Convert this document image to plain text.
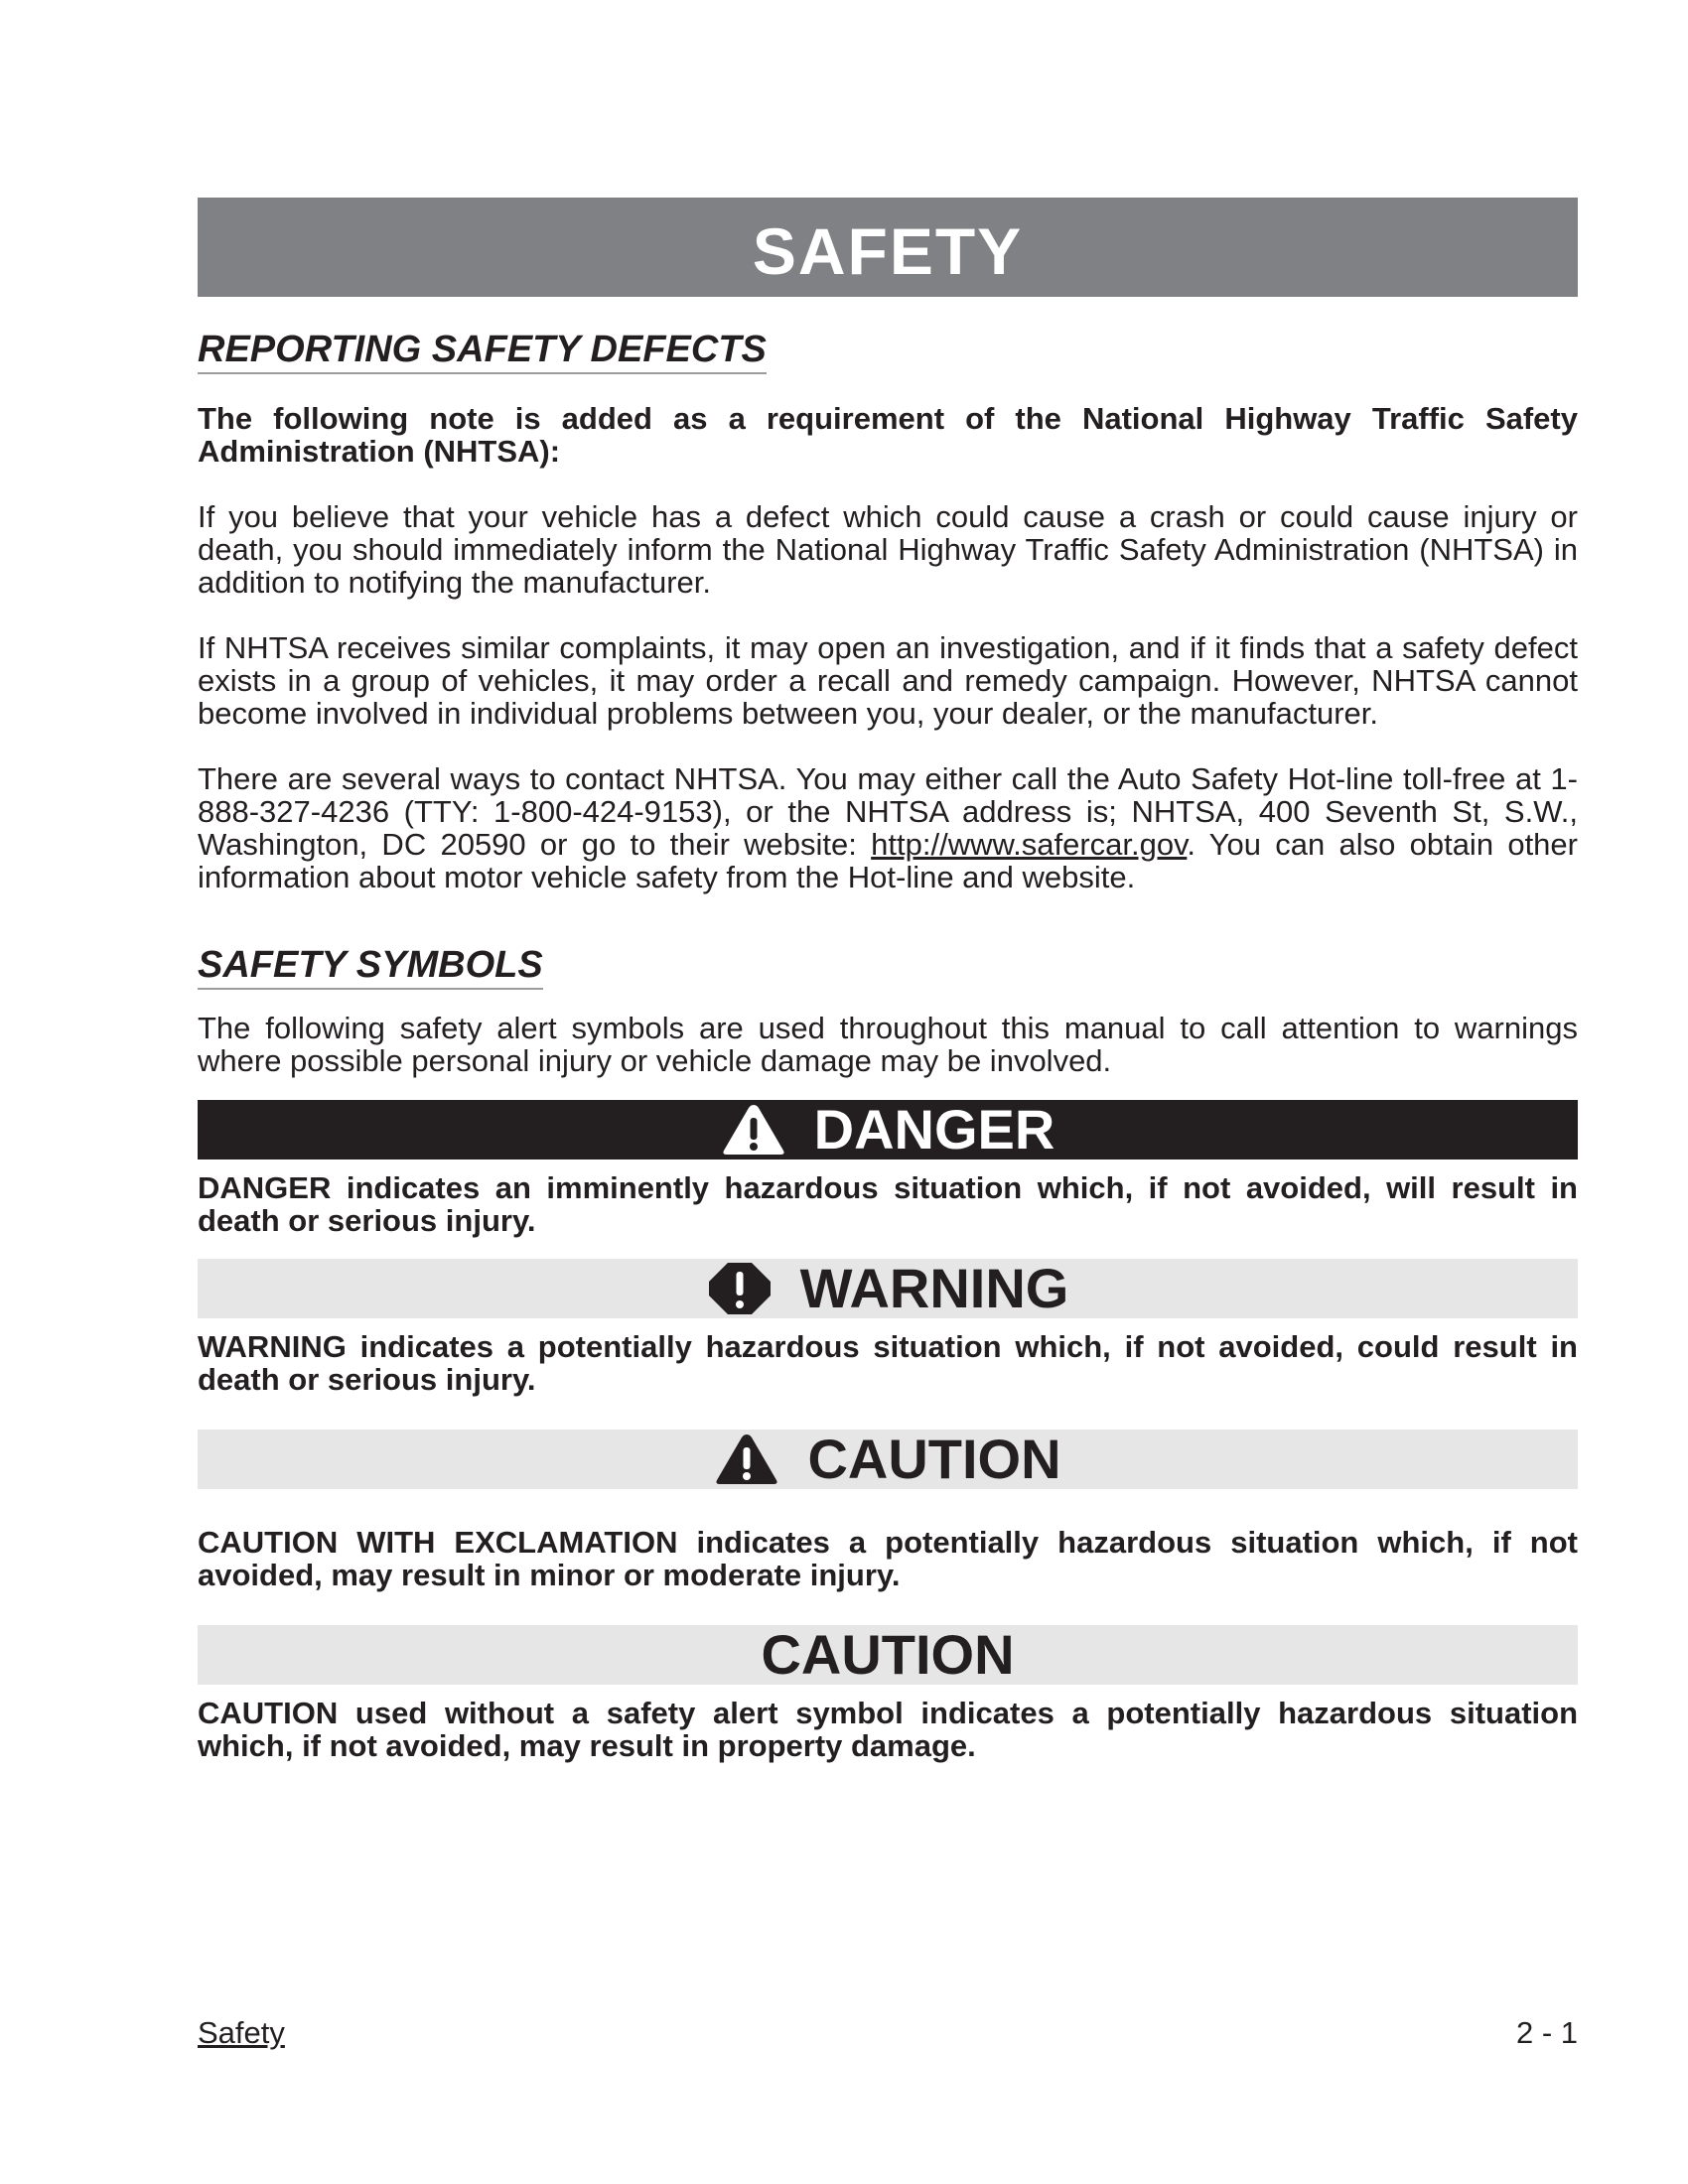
SAFETY
REPORTING SAFETY DEFECTS

The following note is added as a requirement of the National Highway Traffic Safety Administration (NHTSA):

If you believe that your vehicle has a defect which could cause a crash or could cause injury or death, you should immediately inform the National Highway Traffic Safety Administration (NHTSA) in addition to notifying the manufacturer.

If NHTSA receives similar complaints, it may open an investigation, and if it finds that a safety defect exists in a group of vehicles, it may order a recall and remedy campaign. However, NHTSA cannot become involved in individual problems between you, your dealer, or the manufacturer.

There are several ways to contact NHTSA. You may either call the Auto Safety Hot-line toll-free at 1-888-327-4236 (TTY: 1-800-424-9153), or the NHTSA address is; NHTSA, 400 Seventh St, S.W., Washington, DC 20590 or go to their website: http://www.safercar.gov. You can also obtain other information about motor vehicle safety from the Hot-line and website.

SAFETY SYMBOLS

The following safety alert symbols are used throughout this manual to call attention to warnings where possible personal injury or vehicle damage may be involved.

DANGER

DANGER indicates an imminently hazardous situation which, if not avoided, will result in death or serious injury.

WARNING

WARNING indicates a potentially hazardous situation which, if not avoided, could result in death or serious injury.

CAUTION

CAUTION WITH EXCLAMATION indicates a potentially hazardous situation which, if not avoided, may result in minor or moderate injury.

CAUTION

CAUTION used without a safety alert symbol indicates a potentially hazardous situation which, if not avoided, may result in property damage.

Safety	2 - 1
